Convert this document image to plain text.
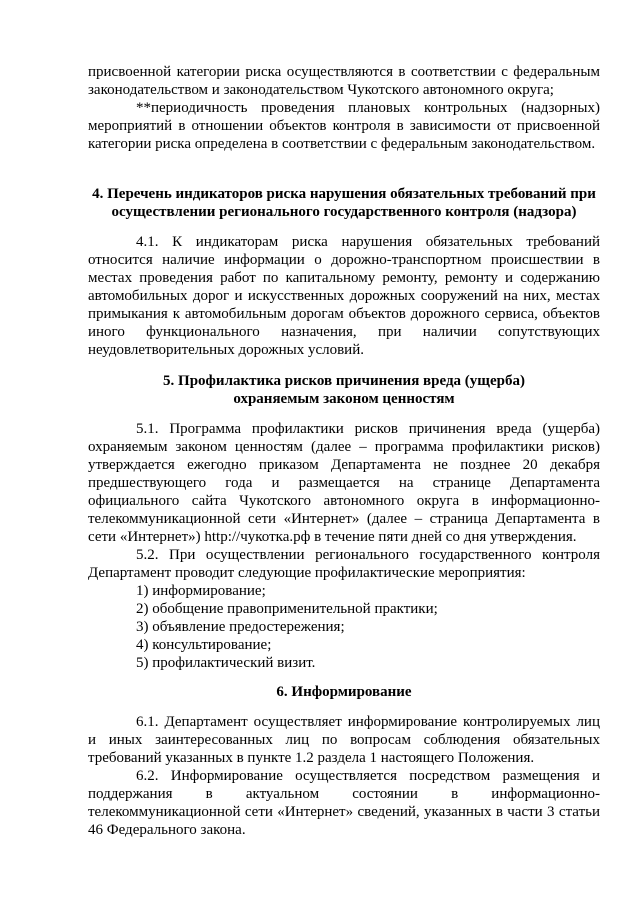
присвоенной категории риска осуществляются в соответствии с федеральным законодательством и законодательством Чукотского автономного округа;

**периодичность проведения плановых контрольных (надзорных) мероприятий в отношении объектов контроля в зависимости от присвоенной категории риска определена в соответствии с федеральным законодательством.

4. Перечень индикаторов риска нарушения обязательных требований при осуществлении регионального государственного контроля (надзора)

4.1. К индикаторам риска нарушения обязательных требований относится наличие информации о дорожно-транспортном происшествии в местах проведения работ по капитальному ремонту, ремонту и содержанию автомобильных дорог и искусственных дорожных сооружений на них, местах примыкания к автомобильным дорогам объектов дорожного сервиса, объектов иного функционального назначения, при наличии сопутствующих неудовлетворительных дорожных условий.

5. Профилактика рисков причинения вреда (ущерба) охраняемым законом ценностям

5.1. Программа профилактики рисков причинения вреда (ущерба) охраняемым законом ценностям (далее – программа профилактики рисков) утверждается ежегодно приказом Департамента не позднее 20 декабря предшествующего года и размещается на странице Департамента официального сайта Чукотского автономного округа в информационно-телекоммуникационной сети «Интернет» (далее – страница Департамента в сети «Интернет») http://чукотка.рф в течение пяти дней со дня утверждения.

5.2. При осуществлении регионального государственного контроля Департамент проводит следующие профилактические мероприятия:

1) информирование;

2) обобщение правоприменительной практики;

3) объявление предостережения;

4) консультирование;

5) профилактический визит.

6. Информирование

6.1. Департамент осуществляет информирование контролируемых лиц и иных заинтересованных лиц по вопросам соблюдения обязательных требований указанных в пункте 1.2 раздела 1 настоящего Положения.

6.2. Информирование осуществляется посредством размещения и поддержания в актуальном состоянии в информационно-телекоммуникационной сети «Интернет» сведений, указанных в части 3 статьи 46 Федерального закона.
